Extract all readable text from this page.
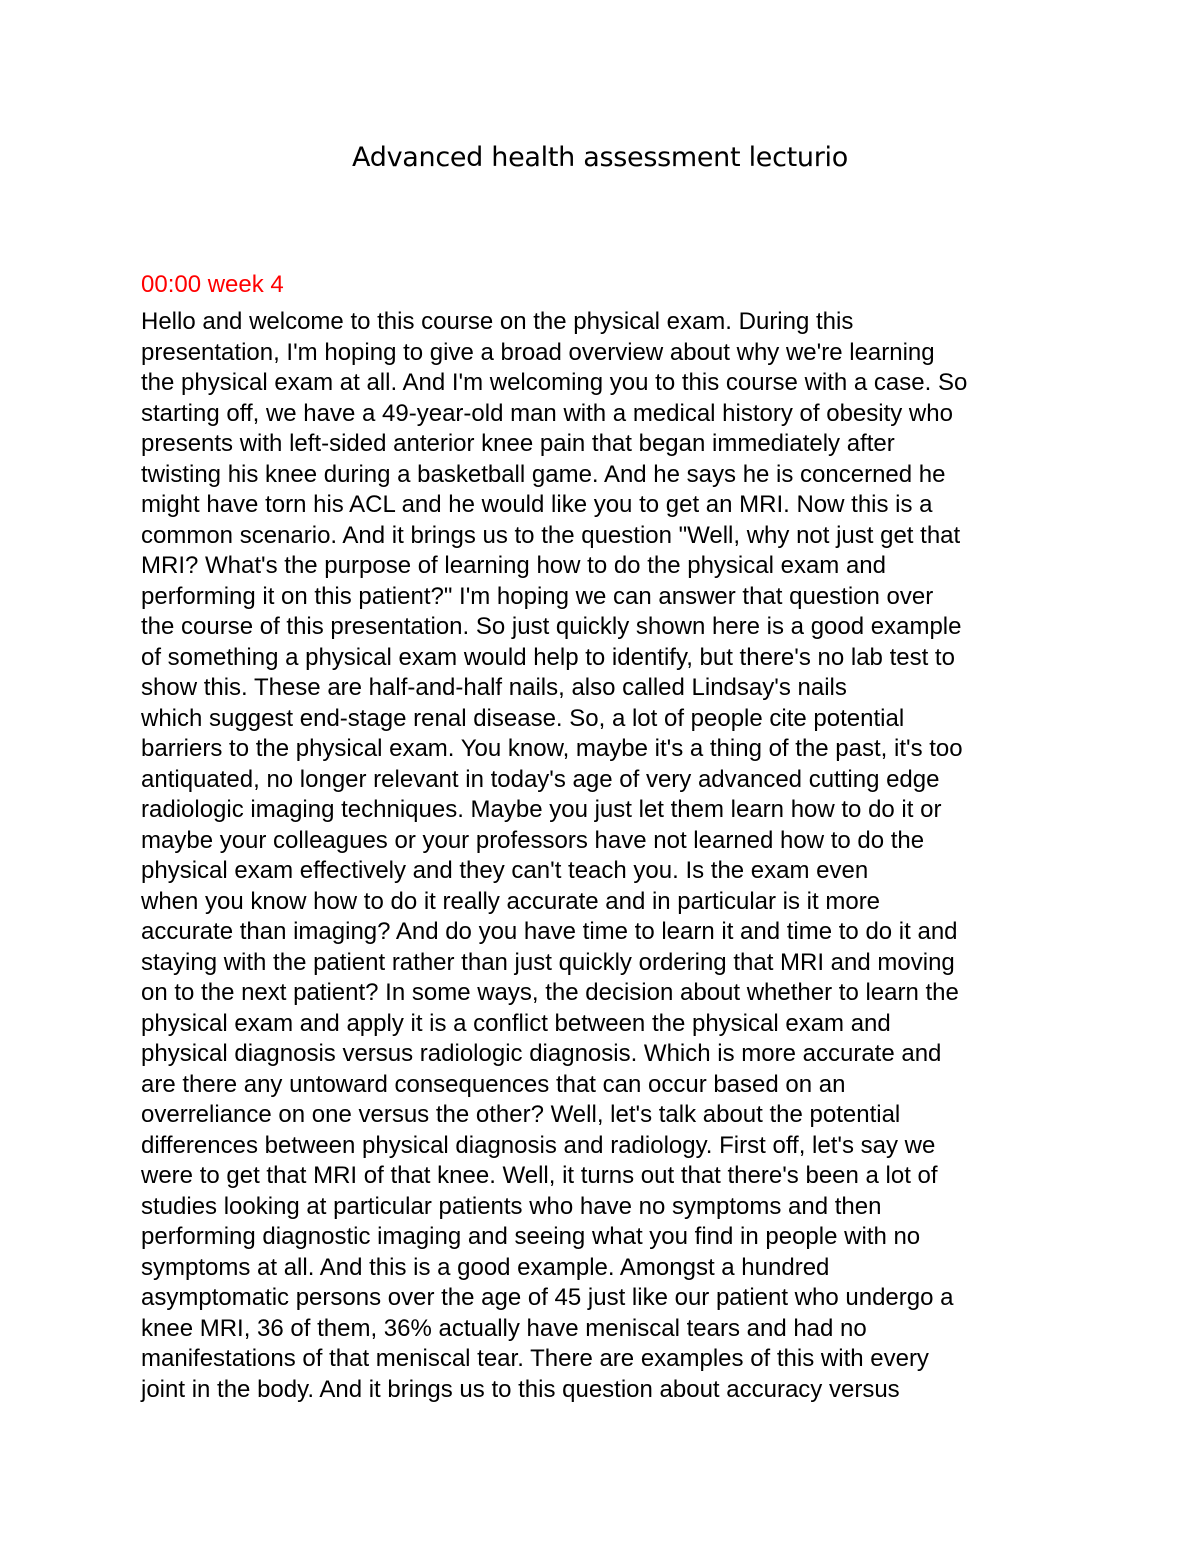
Advanced health assessment lecturio
00:00 week 4
Hello and welcome to this course on the physical exam. During this
presentation, I'm hoping to give a broad overview about why we're learning
the physical exam at all. And I'm welcoming you to this course with a case. So
starting off, we have a 49-year-old man with a medical history of obesity who
presents with left-sided anterior knee pain that began immediately after
twisting his knee during a basketball game. And he says he is concerned he
might have torn his ACL and he would like you to get an MRI. Now this is a
common scenario. And it brings us to the question "Well, why not just get that
MRI? What's the purpose of learning how to do the physical exam and
performing it on this patient?" I'm hoping we can answer that question over
the course of this presentation. So just quickly shown here is a good example
of something a physical exam would help to identify, but there's no lab test to
show this. These are half-and-half nails, also called Lindsay's nails
which suggest end-stage renal disease. So, a lot of people cite potential
barriers to the physical exam. You know, maybe it's a thing of the past, it's too
antiquated, no longer relevant in today's age of very advanced cutting edge
radiologic imaging techniques. Maybe you just let them learn how to do it or
maybe your colleagues or your professors have not learned how to do the
physical exam effectively and they can't teach you. Is the exam even
when you know how to do it really accurate and in particular is it more
accurate than imaging? And do you have time to learn it and time to do it and
staying with the patient rather than just quickly ordering that MRI and moving
on to the next patient? In some ways, the decision about whether to learn the
physical exam and apply it is a conflict between the physical exam and
physical diagnosis versus radiologic diagnosis. Which is more accurate and
are there any untoward consequences that can occur based on an
overreliance on one versus the other? Well, let's talk about the potential
differences between physical diagnosis and radiology. First off, let's say we
were to get that MRI of that knee. Well, it turns out that there's been a lot of
studies looking at particular patients who have no symptoms and then
performing diagnostic imaging and seeing what you find in people with no
symptoms at all. And this is a good example. Amongst a hundred
asymptomatic persons over the age of 45 just like our patient who undergo a
knee MRI, 36 of them, 36% actually have meniscal tears and had no
manifestations of that meniscal tear. There are examples of this with every
joint in the body. And it brings us to this question about accuracy versus
